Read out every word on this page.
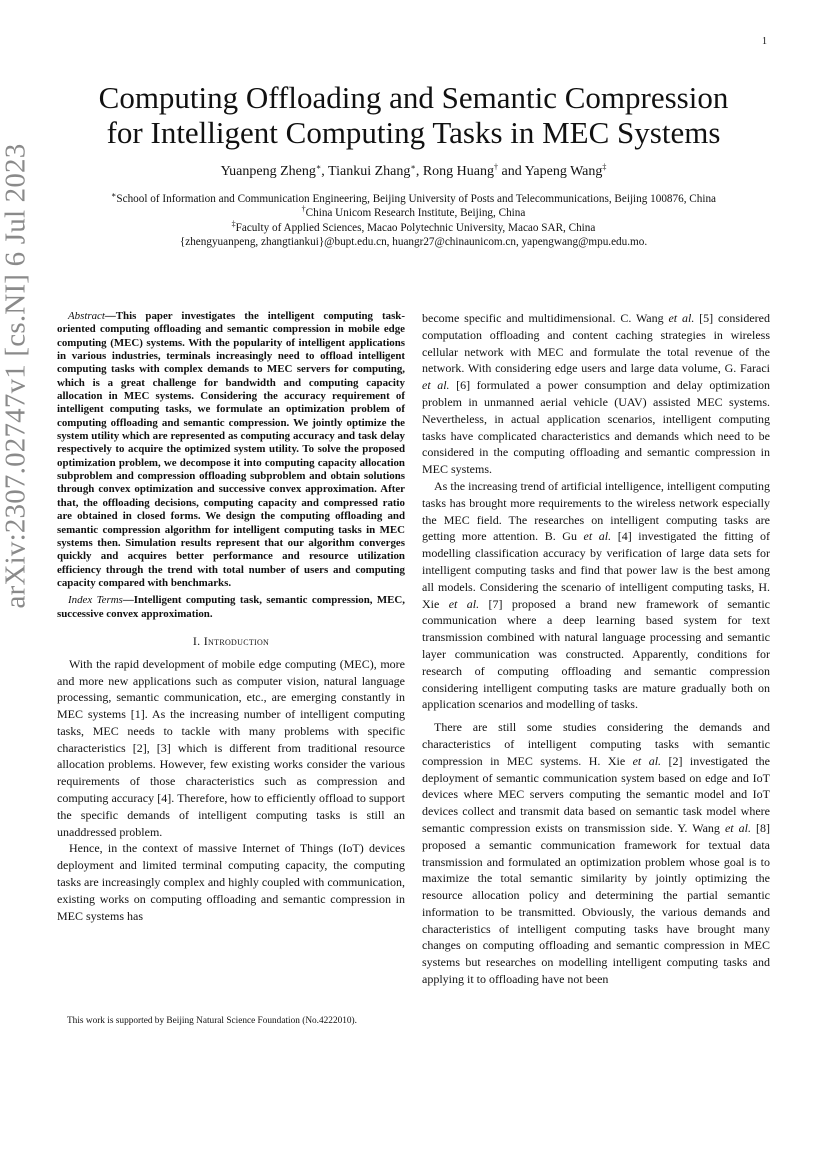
1
arXiv:2307.02747v1 [cs.NI] 6 Jul 2023
Computing Offloading and Semantic Compression
for Intelligent Computing Tasks in MEC Systems
Yuanpeng Zheng∗, Tiankui Zhang∗, Rong Huang† and Yapeng Wang‡
∗School of Information and Communication Engineering, Beijing University of Posts and Telecommunications, Beijing 100876, China
†China Unicom Research Institute, Beijing, China
‡Faculty of Applied Sciences, Macao Polytechnic University, Macao SAR, China
{zhengyuanpeng, zhangtiankui}@bupt.edu.cn, huangr27@chinaunicom.cn, yapengwang@mpu.edu.mo.

Abstract—This paper investigates the intelligent computing task-oriented computing offloading and semantic compression in mobile edge computing (MEC) systems. With the popularity of intelligent applications in various industries, terminals increasingly need to offload intelligent computing tasks with complex demands to MEC servers for computing, which is a great challenge for bandwidth and computing capacity allocation in MEC systems. Considering the accuracy requirement of intelligent computing tasks, we formulate an optimization problem of computing offloading and semantic compression. We jointly optimize the system utility which are represented as computing accuracy and task delay respectively to acquire the optimized system utility. To solve the proposed optimization problem, we decompose it into computing capacity allocation subproblem and compression offloading subproblem and obtain solutions through convex optimization and successive convex approximation. After that, the offloading decisions, computing capacity and compressed ratio are obtained in closed forms. We design the computing offloading and semantic compression algorithm for intelligent computing tasks in MEC systems then. Simulation results represent that our algorithm converges quickly and acquires better performance and resource utilization efficiency through the trend with total number of users and computing capacity compared with benchmarks.

Index Terms—Intelligent computing task, semantic compression, MEC, successive convex approximation.

I. Introduction

With the rapid development of mobile edge computing (MEC), more and more new applications such as computer vision, natural language processing, semantic communication, etc., are emerging constantly in MEC systems [1]. As the increasing number of intelligent computing tasks, MEC needs to tackle with many problems with specific characteristics [2], [3] which is different from traditional resource allocation problems. However, few existing works consider the various requirements of those characteristics such as compression and computing accuracy [4]. Therefore, how to efficiently offload to support the specific demands of intelligent computing tasks is still an unaddressed problem.

Hence, in the context of massive Internet of Things (IoT) devices deployment and limited terminal computing capacity, the computing tasks are increasingly complex and highly coupled with communication, existing works on computing offloading and semantic compression in MEC systems has

This work is supported by Beijing Natural Science Foundation (No.4222010).

become specific and multidimensional. C. Wang et al. [5] considered computation offloading and content caching strategies in wireless cellular network with MEC and formulate the total revenue of the network. With considering edge users and large data volume, G. Faraci et al. [6] formulated a power consumption and delay optimization problem in unmanned aerial vehicle (UAV) assisted MEC systems. Nevertheless, in actual application scenarios, intelligent computing tasks have complicated characteristics and demands which need to be considered in the computing offloading and semantic compression in MEC systems.

As the increasing trend of artificial intelligence, intelligent computing tasks has brought more requirements to the wireless network especially the MEC field. The researches on intelligent computing tasks are getting more attention. B. Gu et al. [4] investigated the fitting of modelling classification accuracy by verification of large data sets for intelligent computing tasks and find that power law is the best among all models. Considering the scenario of intelligent computing tasks, H. Xie et al. [7] proposed a brand new framework of semantic communication where a deep learning based system for text transmission combined with natural language processing and semantic layer communication was constructed. Apparently, conditions for research of computing offloading and semantic compression considering intelligent computing tasks are mature gradually both on application scenarios and modelling of tasks.

There are still some studies considering the demands and characteristics of intelligent computing tasks with semantic compression in MEC systems. H. Xie et al. [2] investigated the deployment of semantic communication system based on edge and IoT devices where MEC servers computing the semantic model and IoT devices collect and transmit data based on semantic task model where semantic compression exists on transmission side. Y. Wang et al. [8] proposed a semantic communication framework for textual data transmission and formulated an optimization problem whose goal is to maximize the total semantic similarity by jointly optimizing the resource allocation policy and determining the partial semantic information to be transmitted. Obviously, the various demands and characteristics of intelligent computing tasks have brought many changes on computing offloading and semantic compression in MEC systems but researches on modelling intelligent computing tasks and applying it to offloading have not been
